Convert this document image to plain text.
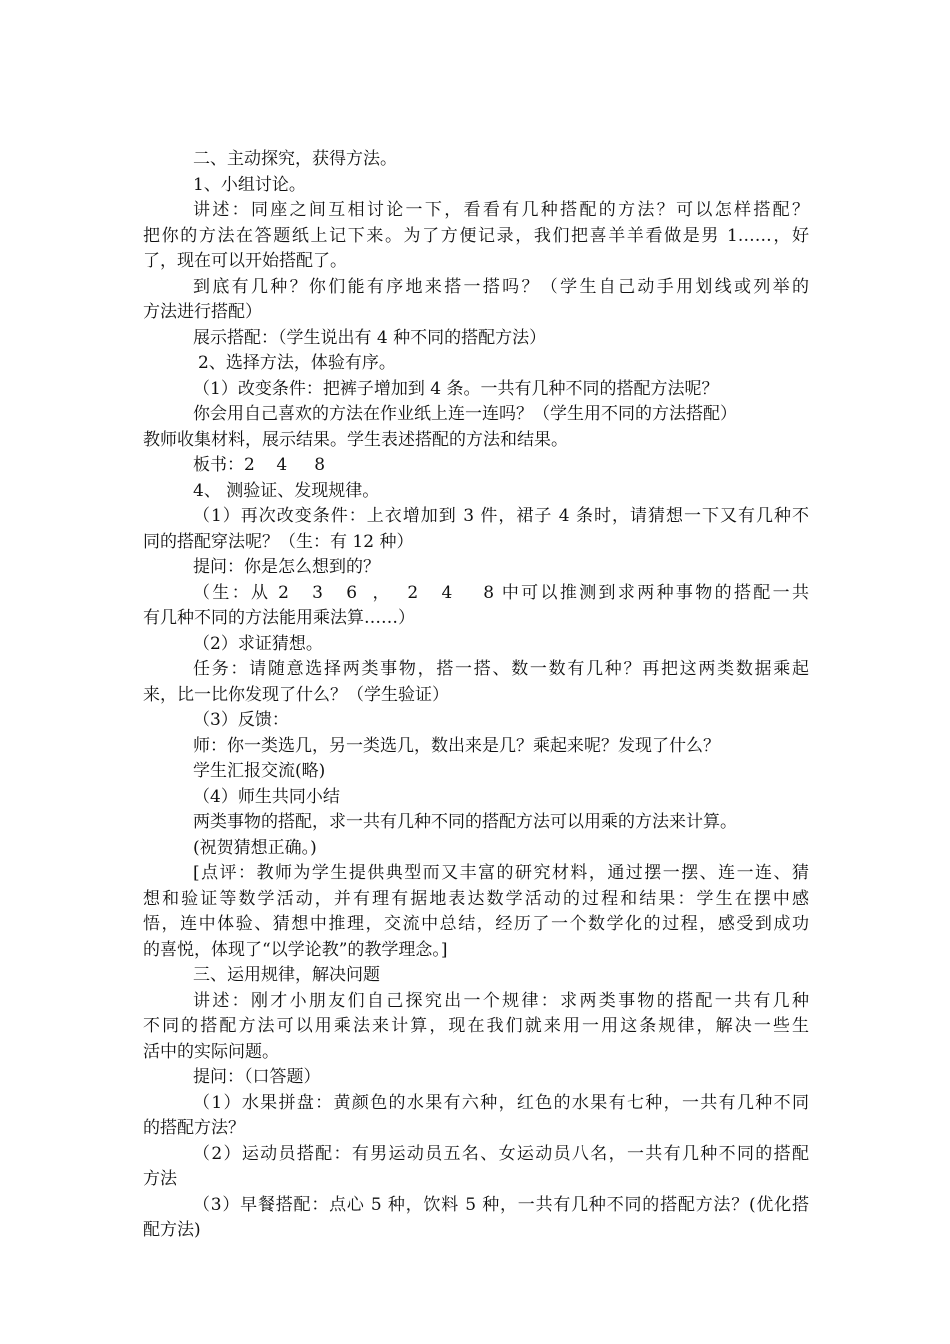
二、主动探究，获得方法。
1、小组讨论。
讲述：同座之间互相讨论一下，看看有几种搭配的方法？可以怎样搭配？
把你的方法在答题纸上记下来。为了方便记录，我们把喜羊羊看做是男 1……，好
了，现在可以开始搭配了。
到底有几种？你们能有序地来搭一搭吗？（学生自己动手用划线或列举的
方法进行搭配）
展示搭配：（学生说出有 4 种不同的搭配方法）
2、选择方法，体验有序。
（1）改变条件：把裤子增加到 4 条。一共有几种不同的搭配方法呢？
你会用自己喜欢的方法在作业纸上连一连吗？（学生用不同的方法搭配）
教师收集材料，展示结果。学生表述搭配的方法和结果。
板书：2    4     8
4、 测验证、发现规律。
（1）再次改变条件：上衣增加到 3 件，裙子 4 条时，请猜想一下又有几种不
同的搭配穿法呢？（生：有 12 种）
提问：你是怎么想到的？
（生：从 2   3   6  ，  2   4    8 中可以推测到求两种事物的搭配一共
有几种不同的方法能用乘法算……）
（2）求证猜想。
任务：请随意选择两类事物，搭一搭、数一数有几种？再把这两类数据乘起
来，比一比你发现了什么？（学生验证）
（3）反馈：
师：你一类选几，另一类选几，数出来是几？乘起来呢？发现了什么？
学生汇报交流(略)
（4）师生共同小结
两类事物的搭配，求一共有几种不同的搭配方法可以用乘的方法来计算。
(祝贺猜想正确。)
[点评：教师为学生提供典型而又丰富的研究材料，通过摆一摆、连一连、猜
想和验证等数学活动，并有理有据地表达数学活动的过程和结果：学生在摆中感
悟，连中体验、猜想中推理，交流中总结，经历了一个数学化的过程，感受到成功
的喜悦，体现了“以学论教”的教学理念。]
三、运用规律，解决问题
讲述：刚才小朋友们自己探究出一个规律：求两类事物的搭配一共有几种
不同的搭配方法可以用乘法来计算，现在我们就来用一用这条规律，解决一些生
活中的实际问题。
提问：（口答题）
（1）水果拼盘：黄颜色的水果有六种，红色的水果有七种，一共有几种不同
的搭配方法？
（2）运动员搭配：有男运动员五名、女运动员八名，一共有几种不同的搭配
方法
（3）早餐搭配：点心 5 种，饮料 5 种，一共有几种不同的搭配方法？(优化搭
配方法)
